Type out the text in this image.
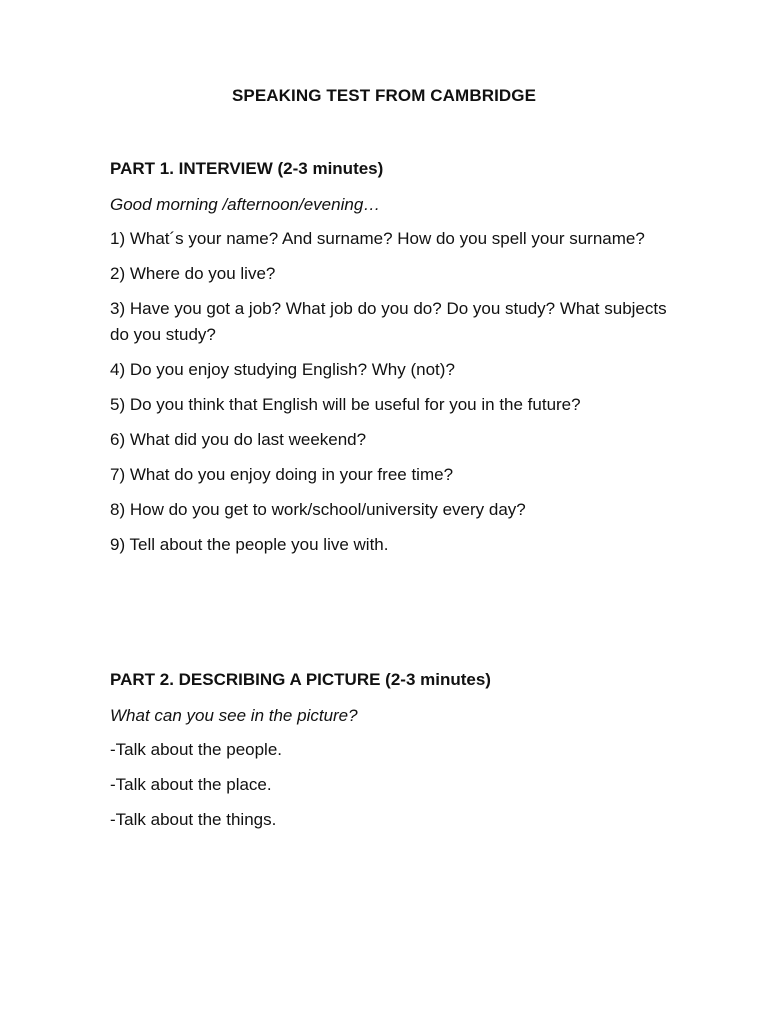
SPEAKING TEST FROM CAMBRIDGE
PART 1. INTERVIEW (2-3 minutes)
Good morning /afternoon/evening…
1) What´s your name? And surname? How do you spell your surname?
2) Where do you live?
3) Have you got a job? What job do you do? Do you study? What subjects do you study?
4) Do you enjoy studying English? Why (not)?
5) Do you think that English will be useful for you in the future?
6) What did you do last weekend?
7) What do you enjoy doing in your free time?
8) How do you get to work/school/university every day?
9) Tell about the people you live with.
PART 2. DESCRIBING A PICTURE (2-3 minutes)
What can you see in the picture?
-Talk about the people.
-Talk about the place.
-Talk about the things.
